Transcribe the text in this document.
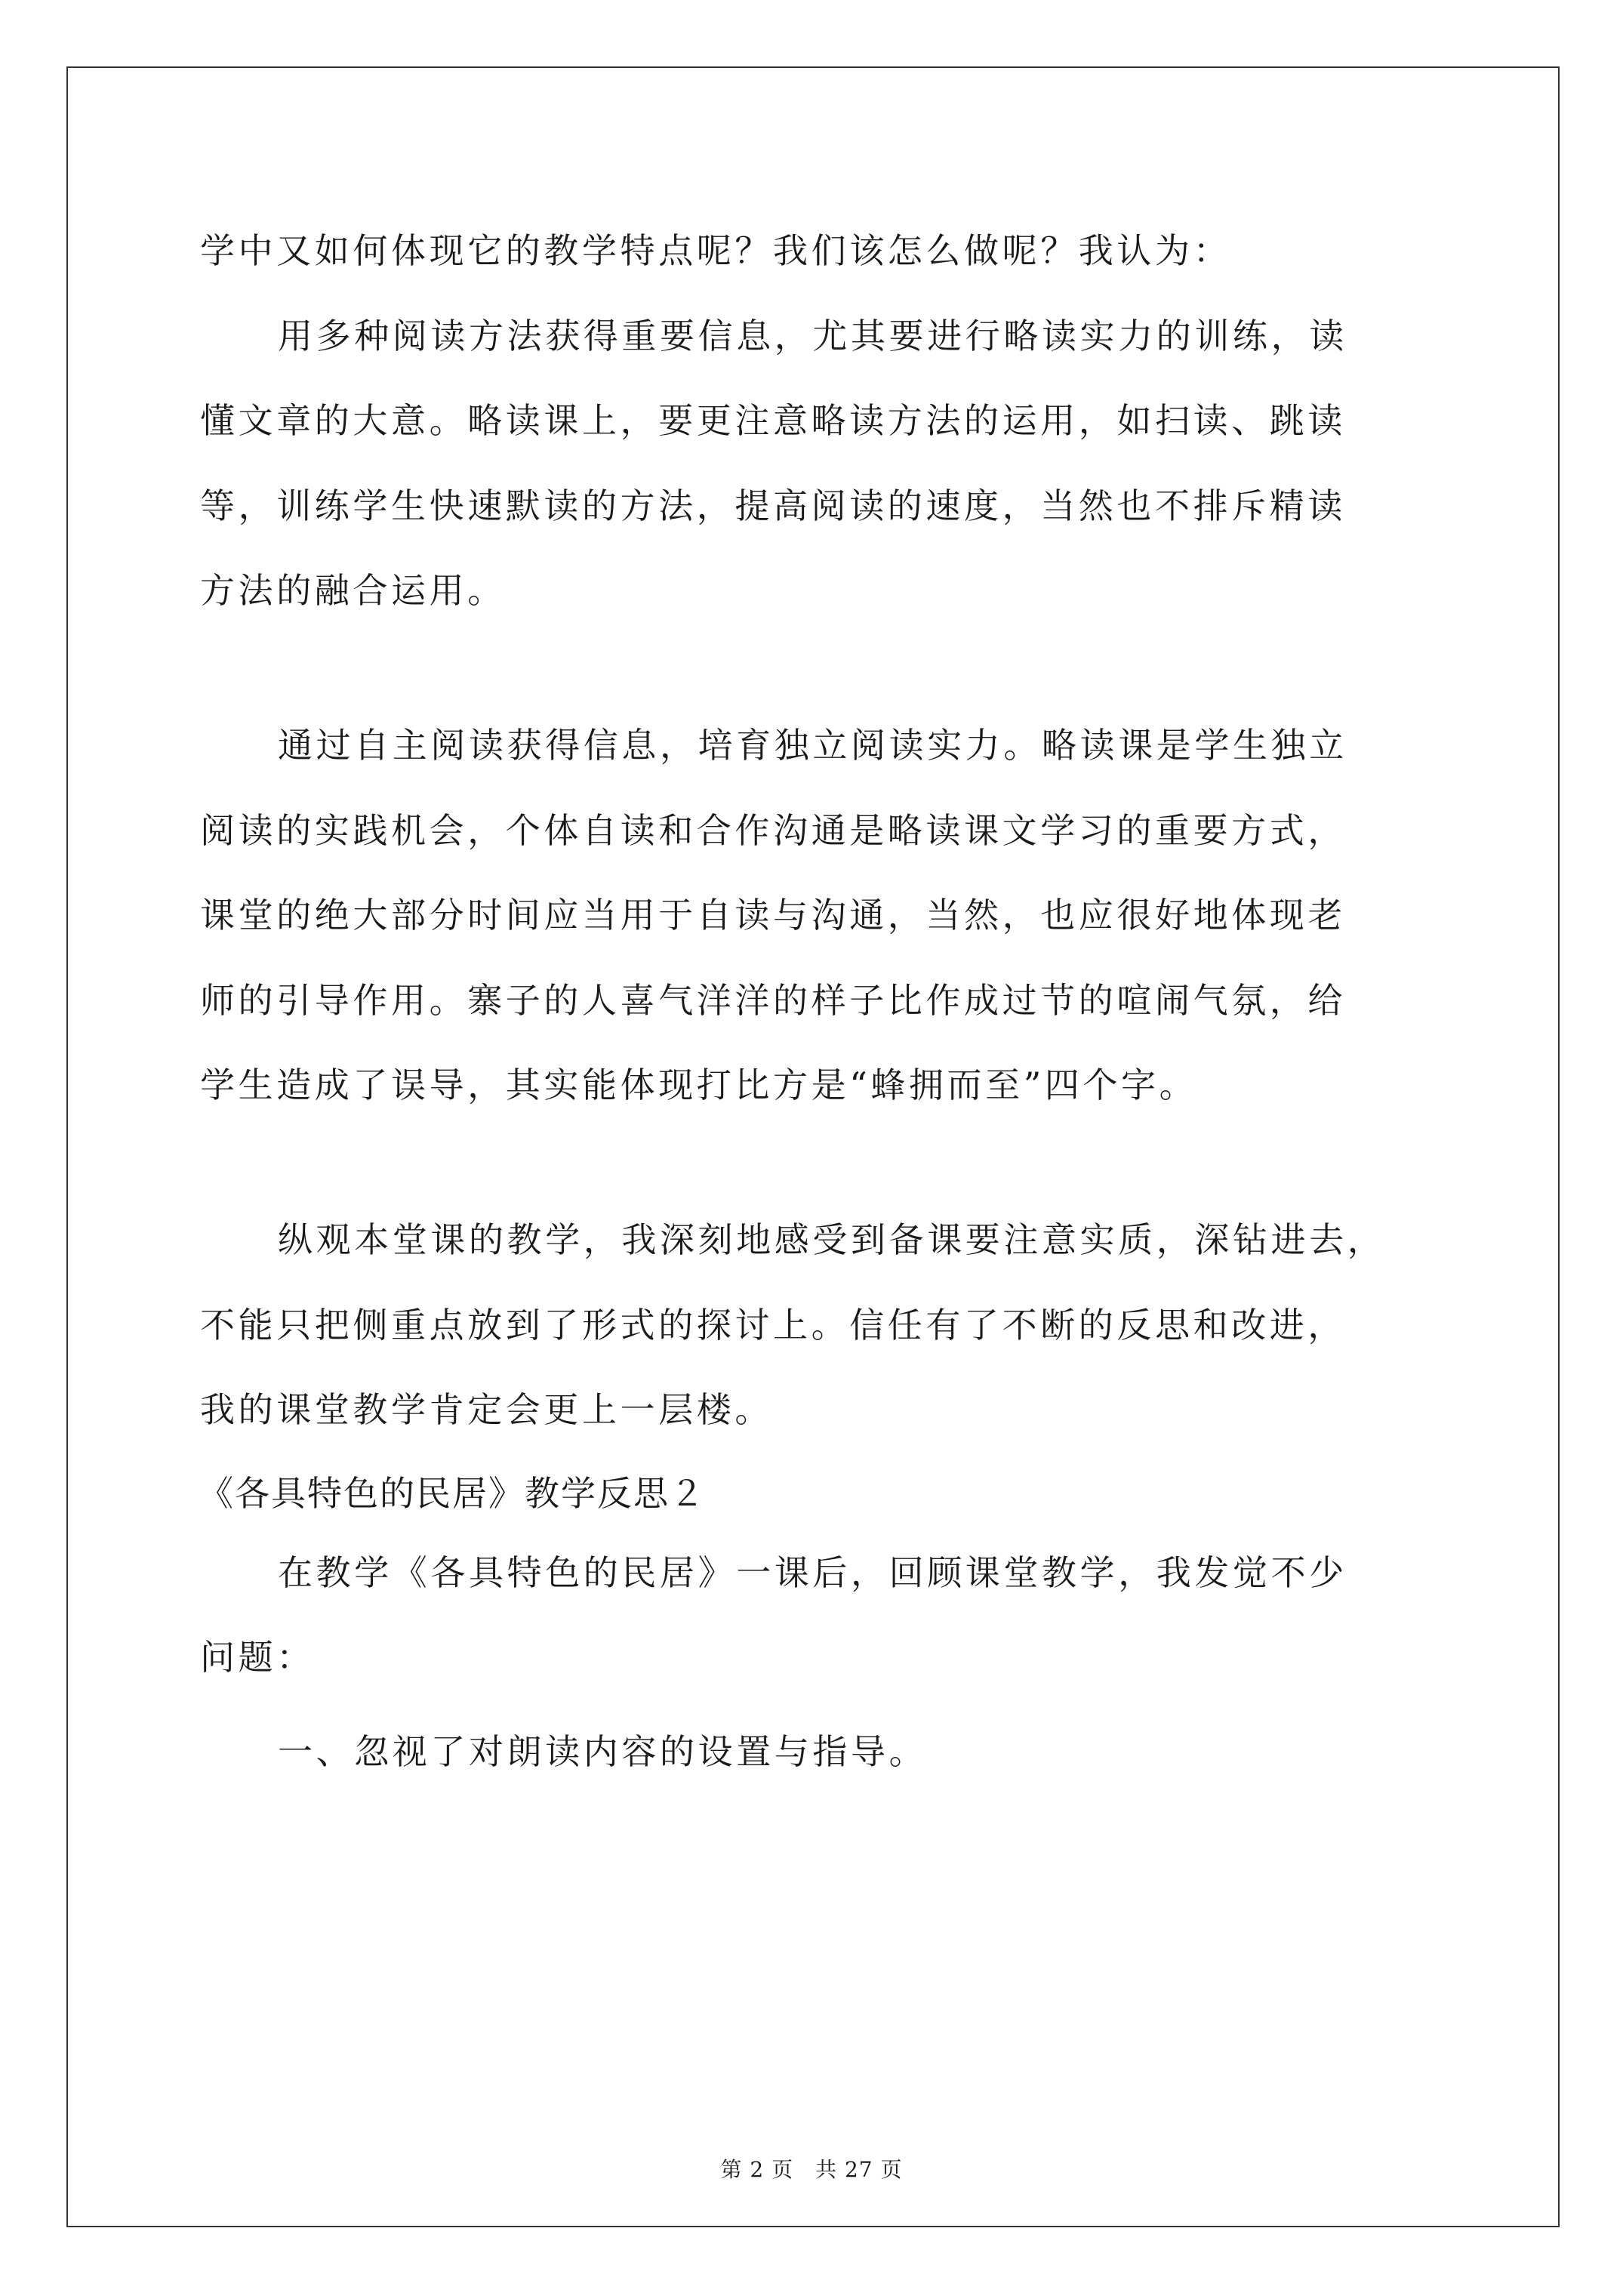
学中又如何体现它的教学特点呢？我们该怎么做呢？我认为：
用多种阅读方法获得重要信息，尤其要进行略读实力的训练，读
懂文章的大意。略读课上，要更注意略读方法的运用，如扫读、跳读
等，训练学生快速默读的方法，提高阅读的速度，当然也不排斥精读
方法的融合运用。
通过自主阅读获得信息，培育独立阅读实力。略读课是学生独立
阅读的实践机会，个体自读和合作沟通是略读课文学习的重要方式，
课堂的绝大部分时间应当用于自读与沟通，当然，也应很好地体现老
师的引导作用。寨子的人喜气洋洋的样子比作成过节的喧闹气氛，给
学生造成了误导，其实能体现打比方是“蜂拥而至”四个字。
纵观本堂课的教学，我深刻地感受到备课要注意实质，深钻进去，
不能只把侧重点放到了形式的探讨上。信任有了不断的反思和改进，
我的课堂教学肯定会更上一层楼。
《各具特色的民居》教学反思２
在教学《各具特色的民居》一课后，回顾课堂教学，我发觉不少
问题：
一、忽视了对朗读内容的设置与指导。
第 2 页　共 27 页
